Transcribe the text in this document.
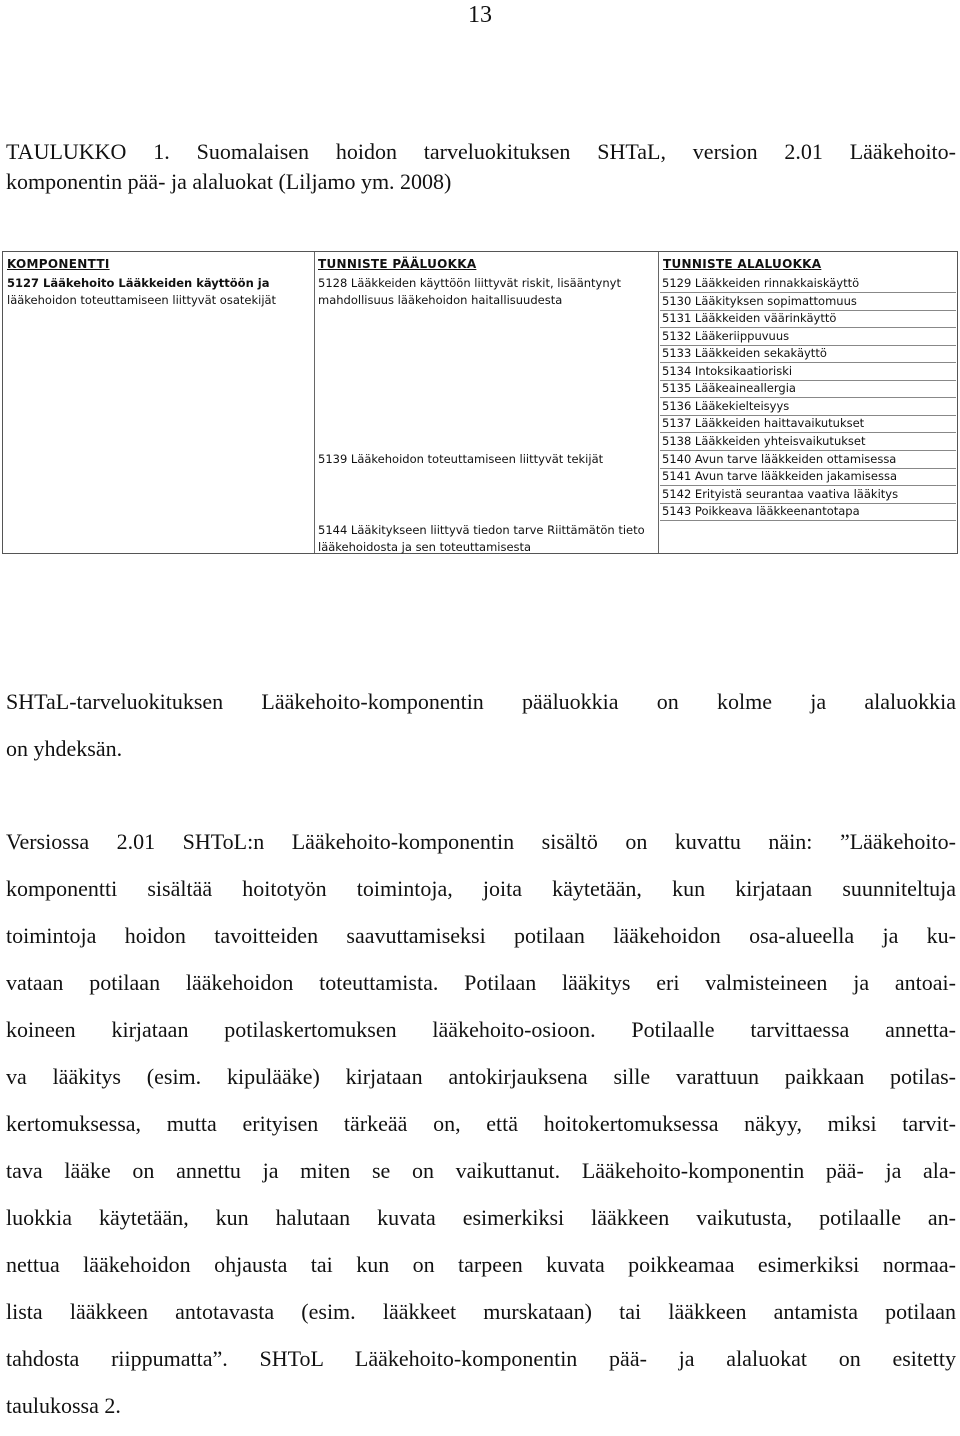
13
TAULUKKO 1. Suomalaisen hoidon tarveluokituksen SHTaL, version 2.01 Lääkehoito-
komponentin pää- ja alaluokat (Liljamo ym. 2008)
KOMPONENTTI	TUNNISTE PÄÄLUOKKA	TUNNISTE ALALUOKKA
5127 Lääkehoito Lääkkeiden käyttöön ja
lääkehoidon toteuttamiseen liittyvät osatekijät
5128 Lääkkeiden käyttöön liittyvät riskit, lisääntynyt
mahdollisuus lääkehoidon haitallisuudesta
5139 Lääkehoidon toteuttamiseen liittyvät tekijät
5144 Lääkitykseen liittyvä tiedon tarve Riittämätön tieto
lääkehoidosta ja sen toteuttamisesta
5129 Lääkkeiden rinnakkaiskäyttö
5130 Lääkityksen sopimattomuus
5131 Lääkkeiden väärinkäyttö
5132 Lääkeriippuvuus
5133 Lääkkeiden sekakäyttö
5134 Intoksikaatioriski
5135 Lääkeaineallergia
5136 Lääkekielteisyys
5137 Lääkkeiden haittavaikutukset
5138 Lääkkeiden yhteisvaikutukset
5140 Avun tarve lääkkeiden ottamisessa
5141 Avun tarve lääkkeiden jakamisessa
5142 Erityistä seurantaa vaativa lääkitys
5143 Poikkeava lääkkeenantotapa
SHTaL-tarveluokituksen Lääkehoito-komponentin pääluokkia on kolme ja alaluokkia
on yhdeksän.
Versiossa 2.01 SHToL:n Lääkehoito-komponentin sisältö on kuvattu näin: ”Lääkehoito-
komponentti sisältää hoitotyön toimintoja, joita käytetään, kun kirjataan suunniteltuja
toimintoja hoidon tavoitteiden saavuttamiseksi potilaan lääkehoidon osa-alueella ja ku-
vataan potilaan lääkehoidon toteuttamista. Potilaan lääkitys eri valmisteineen ja antoai-
koineen kirjataan potilaskertomuksen lääkehoito-osioon. Potilaalle tarvittaessa annetta-
va lääkitys (esim. kipulääke) kirjataan antokirjauksena sille varattuun paikkaan potilas-
kertomuksessa, mutta erityisen tärkeää on, että hoitokertomuksessa näkyy, miksi tarvit-
tava lääke on annettu ja miten se on vaikuttanut. Lääkehoito-komponentin pää- ja ala-
luokkia käytetään, kun halutaan kuvata esimerkiksi lääkkeen vaikutusta, potilaalle an-
nettua lääkehoidon ohjausta tai kun on tarpeen kuvata poikkeamaa esimerkiksi normaa-
lista lääkkeen antotavasta (esim. lääkkeet murskataan) tai lääkkeen antamista potilaan
tahdosta riippumatta”. SHToL Lääkehoito-komponentin pää- ja alaluokat on esitetty
taulukossa 2.
